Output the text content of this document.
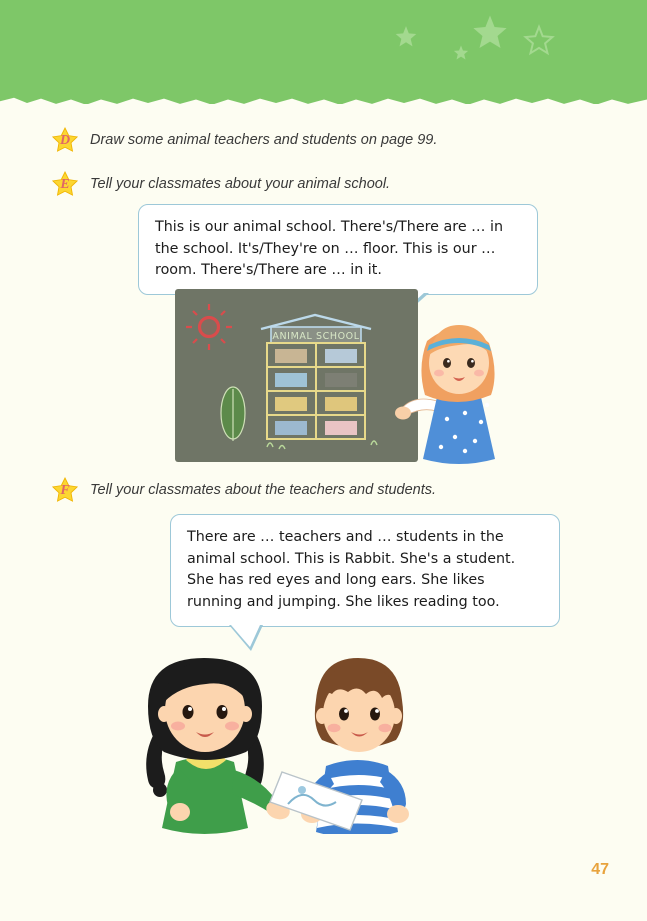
D	Draw some animal teachers and students on page 99.
E	Tell your classmates about your animal school.
This is our animal school. There's/There are … in the school. It's/They're on … floor. This is our … room. There's/There are … in it.
ANIMAL SCHOOL
F	Tell your classmates about the teachers and students.
There are … teachers and … students in the animal school. This is Rabbit. She's a student. She has red eyes and long ears. She likes running and jumping. She likes reading too.
47
